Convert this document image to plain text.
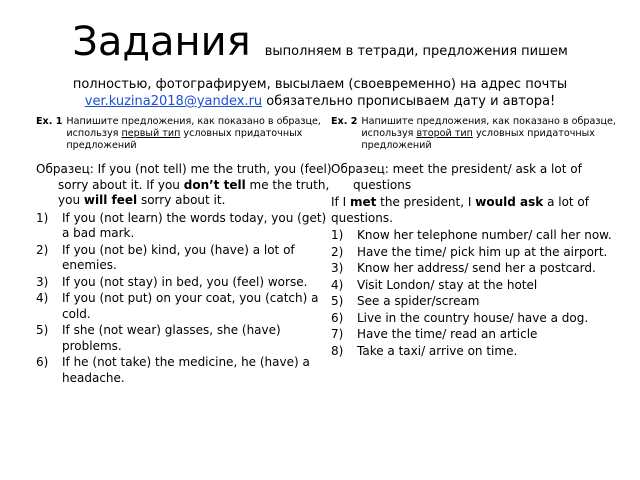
Задания выполняем в тетради, предложения пишем
полностью, фотографируем, высылаем (своевременно) на адрес почты ver.kuzina2018@yandex.ru обязательно прописываем дату и автора!
Ex. 1 Напишите предложения, как показано в образце, используя первый тип условных придаточных предложений
Образец: If you (not tell) me the truth, you (feel) sorry about it. If you don’t tell me the truth, you will feel sorry about it.
1)	If you (not learn) the words today, you (get) a bad mark.
2)	If you (not be) kind, you (have) a lot of enemies.
3)	If you (not stay) in bed, you (feel) worse.
4)	If you (not put) on your coat, you (catch) a cold.
5)	If she (not wear) glasses, she (have) problems.
6)	If he (not take) the medicine, he (have) a headache.
Ex. 2 Напишите предложения, как показано в образце, используя второй тип условных придаточных предложений
Образец: meet the president/ ask a lot of questions
If I met the president, I would ask a lot of questions.
1)	Know her telephone number/ call her now.
2)	Have the time/ pick him up at the airport.
3)	Know her address/ send her a postcard.
4)	Visit London/ stay at the hotel
5)	See a spider/scream
6)	Live in the country house/ have a dog.
7)	Have the time/ read an article
8)	Take a taxi/ arrive on time.
